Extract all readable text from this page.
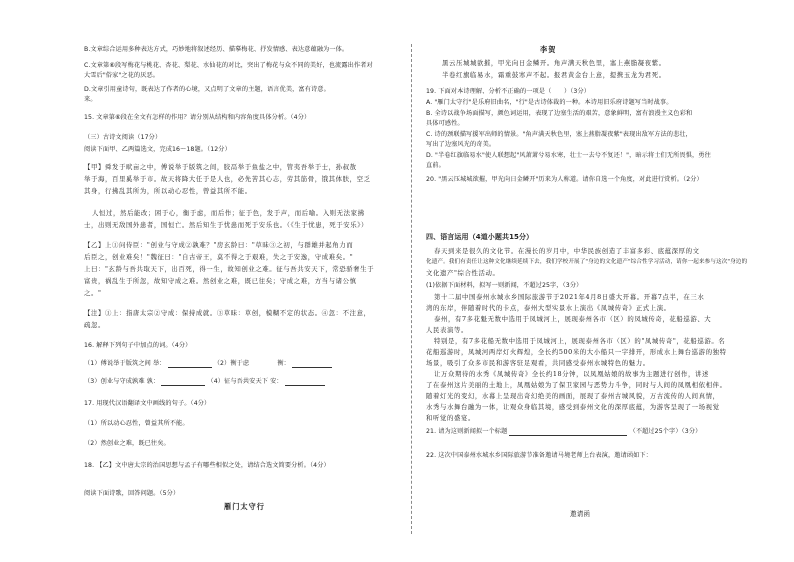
B.文章综合运用多种表达方式，巧妙地将叙述经历、描摹梅花、抒发情感、表达意蕴融为一体。
C.文章第⑥段写梅花与桃花、杏花、梨花、水仙花的对比，突出了梅花与众不同的美好，也流露出作者对
大雪后"俗家"之花的厌恶。
D.文章引用童诗句，既表达了作者的心境，又点明了文章的主题，语言优美，富有诗意。
来。
15. 文章第⑥段在全文有怎样的作用？请分别从结构和内容角度具体分析。（4分）
（三）古诗文阅读（17分）
阅读下面甲、乙两篇选文，完成16～18题。（12分）
【甲】舜发于畎亩之中，傅说举于版筑之间，胶鬲举于鱼盐之中，管夷吾举于士，孙叔敖
举于海，百里奚举于市。故天将降大任于是人也，必先苦其心志，劳其筋骨，饿其体肤，空乏
其身，行拂乱其所为，所以动心忍性，曾益其所不能。
人恒过，然后能改；困于心，衡于虑，而后作；征于色，发于声，而后喻。入则无法家拂
士，出则无敌国外患者，国恒亡。然后知生于忧患而死于安乐也。（《生于忧患，死于安乐》）
【乙】上①问侍臣："创业与守成②孰难？"房玄龄曰："草昧③之初，与群雄并起角力而
后臣之，创业难矣！"魏征曰："自古帝王，莫不得之于艰难，失之于安逸，守成难矣。"
上曰："玄龄与吾共取天下，出百死，得一生，故知创业之难。征与吾共安天下，常恐骄奢生于
富贵，祸乱生于所忽，故知守成之难。然创业之难，既已往矣；守成之难，方当与诸公慎
之。"
【注】①上：指唐太宗②守成：保持成就。③草昧：草创，模糊不定的状态。④忽：不注意，
疏忽。
16. 解释下列句子中加点的词。（4分）
（1）傅说举于版筑之间 举：	（2）衡于虑	衡：
（3）创业与守成孰难 孰：	（4）征与吾共安天下 安：
17. 用现代汉语翻译文中画线的句子。（4分）
（1）所以动心忍性，曾益其所不能。
（2）然创业之难，既已往矣。
18. 【乙】文中唐太宗的治国思想与孟子有哪些相似之处，请结合选文简要分析。（4分）
阅读下面诗歌，回答问题。（5分）
雁门太守行
李贺
黑云压城城欲摧，甲光向日金鳞开。角声满天秋色里，塞上燕脂凝夜紫。
半卷红旗临易水，霜重鼓寒声不起。报君黄金台上意，提携玉龙为君死。
19. 下面对本诗理解、分析不正确的一项是（　　）（3分）
A. "雁门太守行"是乐府旧曲名，"行"是古诗体裁的一种。本诗用旧乐府诗题写当时战事。
B. 全诗以战争场面描写，颜色词运用，表现了边塞生活的艰苦，意象鲜明，富有浪漫主义色彩和
具体可感性。
C. 诗的颈联描写援军出师的情景。"角声满天秋色里，塞上燕脂凝夜紫"表现出敌军方法的悲壮，
写出了边塞风光的奇美。
D. "半卷红旗临易水"使人联想起"风萧萧兮易水寒，壮士一去兮不复还！"，暗示将士们无所畏惧，勇往
直前。
20. "黑云压城城欲摧，甲光向日金鳞开"历来为人称道。请你自选一个角度，对此进行赏析。（2分）
四、语言运用（4道小题共15分）
春天到来是很久的文化节。在漫长的岁月中，中华民族创造了丰富多彩、底蕴深厚的文
化遗产。我们有责任让这种文化继续延续下去，我们学校开展了"身边的文化遗产"综合性学习活动，请你一起来参与这次"身边的
文化遗产"综合性活动。
(1)依据下面材料，拟写一则新闻，不超过25字，（3分）
第十二届中国泰州水城水乡国际旅游节于2021年4月8日盛大开幕。开幕7点半，在三水
湾的东岸，伴随着时代的卡点，泰州大型实景水上演出《凤城传奇》正式上演。
泰州，有7多花魁无数中选用于凤城河上，展现泰州各市（区）的凤城传奇，花船巡游、大
人民表演等。
特别是，有7多花船无数中选用于凤城河上，展现泰州各市（区）的"凤城传奇"，花船巡游。名
花船巡游时，凤城河两岸灯火辉煌，全长约500米的大小船只一字排开，形成水上舞台巡游的独特
场景，吸引了众多市民和游客驻足观看，共同感受泰州水城特色的魅力。
让万众期待的水秀《凤城传奇》全长约18分钟，以凤凰姑娘的故事为主题进行创作，讲述
了在泰州这片美丽的土地上，凤凰姑娘为了保卫家园与恶势力斗争，同时与人间的凤凰相依相伴。
随着灯光的变幻，水幕上呈现出奇幻绝美的画面，展现了泰州古城风貌，万古流传的人间真情，
水秀与水舞台融为一体，让观众身临其境，感受到泰州文化的深厚底蕴，为游客呈现了一场视觉
和听觉的盛宴。
21. 请为这则新闻拟一个标题	（不超过25个字）（3分）
22. 这次中国泰州水城水乡国际旅游节准备邀请马境老师上台表演，邀请函如下：
邀请函
